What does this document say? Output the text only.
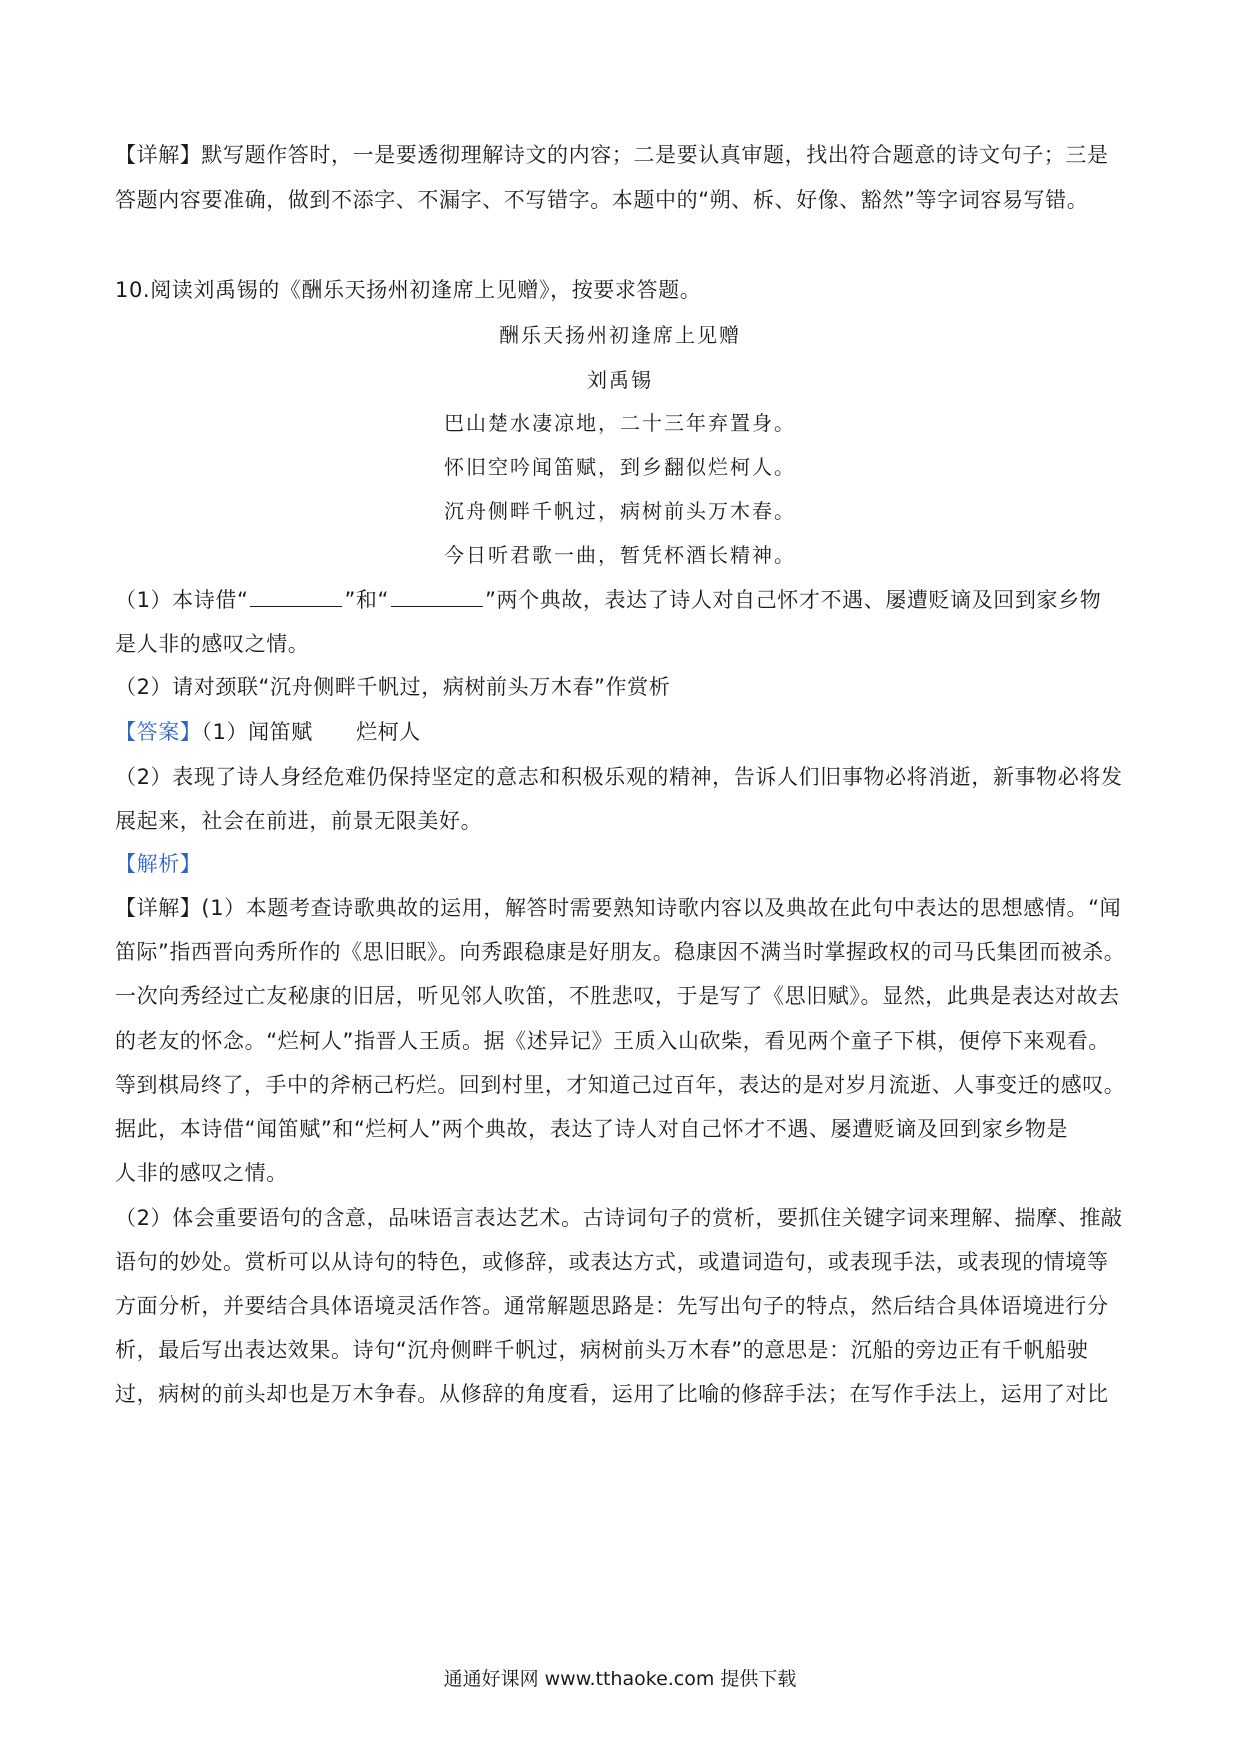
【详解】默写题作答时，一是要透彻理解诗文的内容；二是要认真审题，找出符合题意的诗文句子；三是
答题内容要准确，做到不添字、不漏字、不写错字。本题中的“朔、柝、好像、豁然”等字词容易写错。
10.阅读刘禹锡的《酬乐天扬州初逢席上见赠》，按要求答题。
酬乐天扬州初逢席上见赠
刘禹锡
巴山楚水凄凉地，二十三年弃置身。
怀旧空吟闻笛赋，到乡翻似烂柯人。
沉舟侧畔千帆过，病树前头万木春。
今日听君歌一曲，暂凭杯酒长精神。
（1）本诗借“	”和“	”两个典故，表达了诗人对自己怀才不遇、屡遭贬谪及回到家乡物
是人非的感叹之情。
（2）请对颈联“沉舟侧畔千帆过，病树前头万木春”作赏析
【答案】（1）闻笛赋　　烂柯人
（2）表现了诗人身经危难仍保持坚定的意志和积极乐观的精神，告诉人们旧事物必将消逝，新事物必将发
展起来，社会在前进，前景无限美好。
【解析】
【详解】(1）本题考查诗歌典故的运用，解答时需要熟知诗歌内容以及典故在此句中表达的思想感情。“闻
笛际”指西晋向秀所作的《思旧眠》。向秀跟稳康是好朋友。稳康因不满当时掌握政权的司马氏集团而被杀。
一次向秀经过亡友秘康的旧居，听见邻人吹笛，不胜悲叹，于是写了《思旧赋》。显然，此典是表达对故去
的老友的怀念。“烂柯人”指晋人王质。据《述异记》王质入山砍柴，看见两个童子下棋，便停下来观看。
等到棋局终了，手中的斧柄己朽烂。回到村里，才知道己过百年，表达的是对岁月流逝、人事变迁的感叹。
据此，本诗借“闻笛赋”和“烂柯人”两个典故，表达了诗人对自己怀才不遇、屡遭贬谪及回到家乡物是
人非的感叹之情。
（2）体会重要语句的含意，品味语言表达艺术。古诗词句子的赏析，要抓住关键字词来理解、揣摩、推敲
语句的妙处。赏析可以从诗句的特色，或修辞，或表达方式，或遣词造句，或表现手法，或表现的情境等
方面分析，并要结合具体语境灵活作答。通常解题思路是：先写出句子的特点，然后结合具体语境进行分
析，最后写出表达效果。诗句“沉舟侧畔千帆过，病树前头万木春”的意思是：沉船的旁边正有千帆船驶
过，病树的前头却也是万木争春。从修辞的角度看，运用了比喻的修辞手法；在写作手法上，运用了对比
通通好课网 www.tthaoke.com 提供下载
